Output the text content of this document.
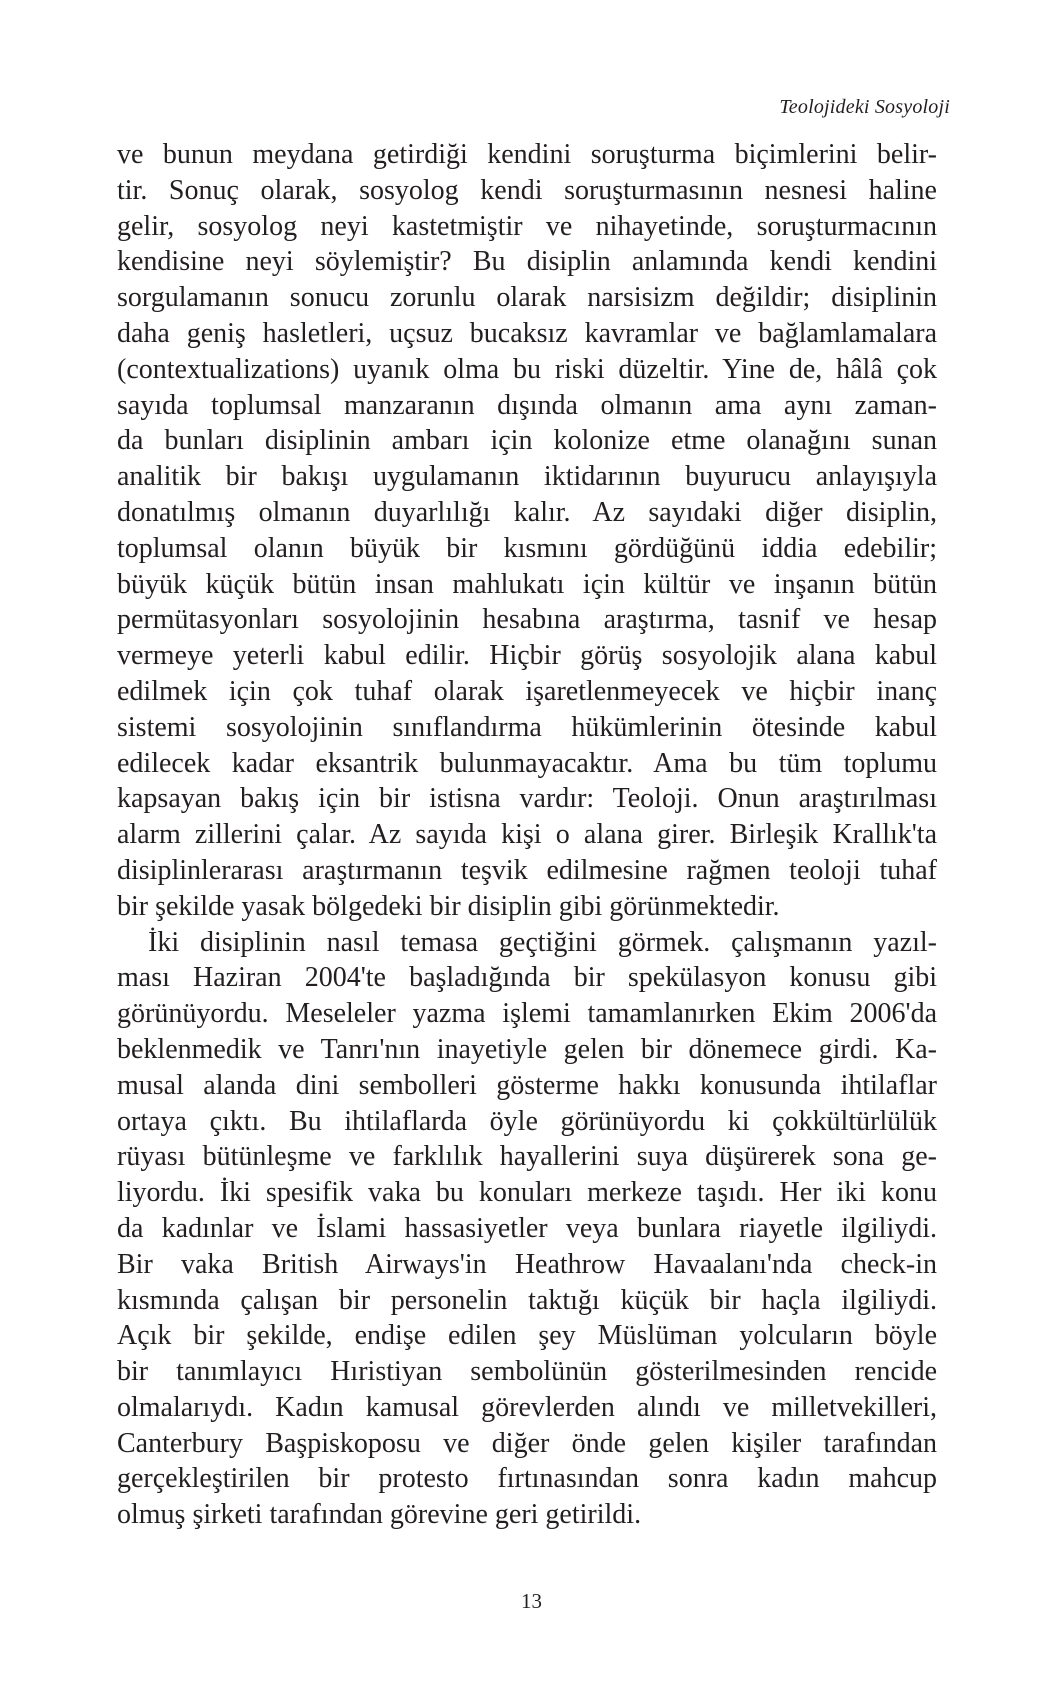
Teolojideki Sosyoloji
ve bunun meydana getirdiği kendini soruşturma biçimlerini belir-
tir. Sonuç olarak, sosyolog kendi soruşturmasının nesnesi haline
gelir, sosyolog neyi kastetmiştir ve nihayetinde, soruşturmacının
kendisine neyi söylemiştir? Bu disiplin anlamında kendi kendini
sorgulamanın sonucu zorunlu olarak narsisizm değildir; disiplinin
daha geniş hasletleri, uçsuz bucaksız kavramlar ve bağlamlamalara
(contextualizations) uyanık olma bu riski düzeltir. Yine de, hâlâ çok
sayıda toplumsal manzaranın dışında olmanın ama aynı zaman-
da bunları disiplinin ambarı için kolonize etme olanağını sunan
analitik bir bakışı uygulamanın iktidarının buyurucu anlayışıyla
donatılmış olmanın duyarlılığı kalır. Az sayıdaki diğer disiplin,
toplumsal olanın büyük bir kısmını gördüğünü iddia edebilir;
büyük küçük bütün insan mahlukatı için kültür ve inşanın bütün
permütasyonları sosyolojinin hesabına araştırma, tasnif ve hesap
vermeye yeterli kabul edilir. Hiçbir görüş sosyolojik alana kabul
edilmek için çok tuhaf olarak işaretlenmeyecek ve hiçbir inanç
sistemi sosyolojinin sınıflandırma hükümlerinin ötesinde kabul
edilecek kadar eksantrik bulunmayacaktır. Ama bu tüm toplumu
kapsayan bakış için bir istisna vardır: Teoloji. Onun araştırılması
alarm zillerini çalar. Az sayıda kişi o alana girer. Birleşik Krallık'ta
disiplinlerarası araştırmanın teşvik edilmesine rağmen teoloji tuhaf
bir şekilde yasak bölgedeki bir disiplin gibi görünmektedir.
İki disiplinin nasıl temasa geçtiğini görmek. çalışmanın yazıl-
ması Haziran 2004'te başladığında bir spekülasyon konusu gibi
görünüyordu. Meseleler yazma işlemi tamamlanırken Ekim 2006'da
beklenmedik ve Tanrı'nın inayetiyle gelen bir dönemece girdi. Ka-
musal alanda dini sembolleri gösterme hakkı konusunda ihtilaflar
ortaya çıktı. Bu ihtilaflarda öyle görünüyordu ki çokkültürlülük
rüyası bütünleşme ve farklılık hayallerini suya düşürerek sona ge-
liyordu. İki spesifik vaka bu konuları merkeze taşıdı. Her iki konu
da kadınlar ve İslami hassasiyetler veya bunlara riayetle ilgiliydi.
Bir vaka British Airways'in Heathrow Havaalanı'nda check-in
kısmında çalışan bir personelin taktığı küçük bir haçla ilgiliydi.
Açık bir şekilde, endişe edilen şey Müslüman yolcuların böyle
bir tanımlayıcı Hıristiyan sembolünün gösterilmesinden rencide
olmalarıydı. Kadın kamusal görevlerden alındı ve milletvekilleri,
Canterbury Başpiskoposu ve diğer önde gelen kişiler tarafından
gerçekleştirilen bir protesto fırtınasından sonra kadın mahcup
olmuş şirketi tarafından görevine geri getirildi.
13
